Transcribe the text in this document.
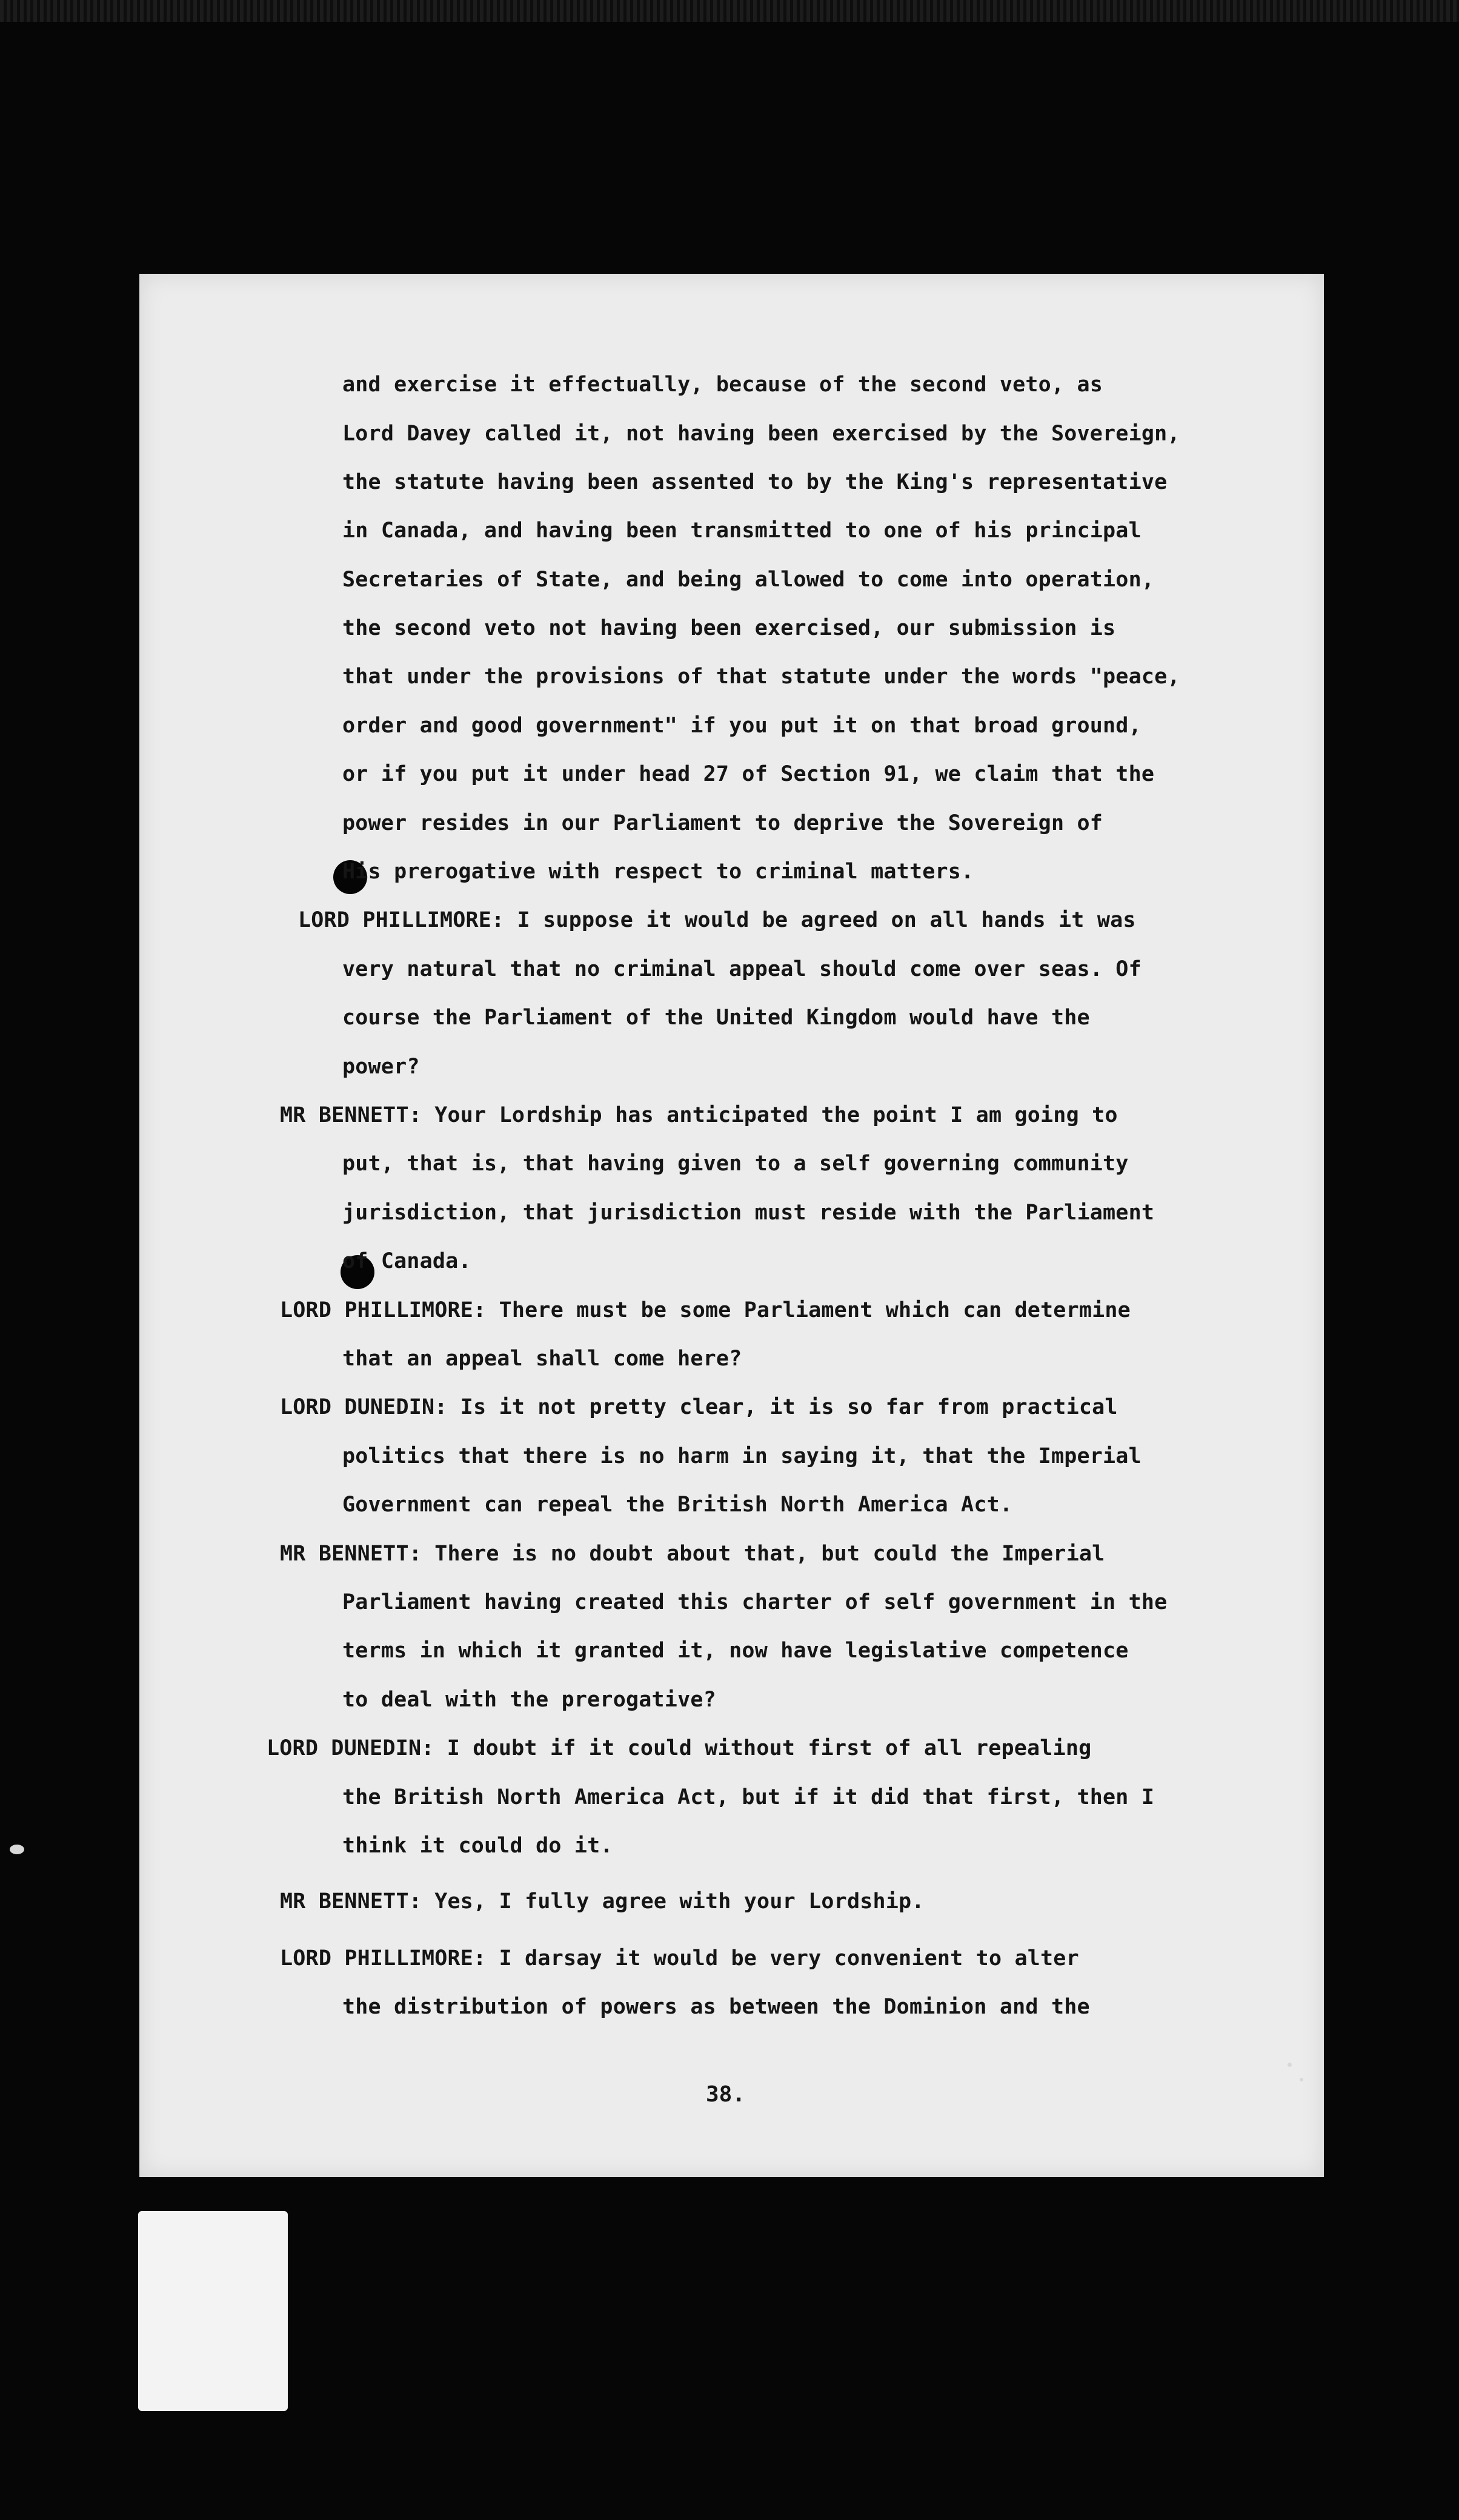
and exercise it effectually, because of the second veto, as

Lord Davey called it, not having been exercised by the Sovereign,

the statute having been assented to by the King's representative

in Canada, and having been transmitted to one of his principal

Secretaries of State, and being allowed to come into operation,

the second veto not having been exercised, our submission is

that under the provisions of that statute under the words "peace,

order and good government" if you put it on that broad ground,

or if you put it under head 27 of Section 91, we claim that the

power resides in our Parliament to deprive the Sovereign of

His prerogative with respect to criminal matters.

LORD PHILLIMORE: I suppose it would be agreed on all hands it was

very natural that no criminal appeal should come over seas. Of

course the Parliament of the United Kingdom would have the

power?

MR BENNETT: Your Lordship has anticipated the point I am going to

put, that is, that having given to a self governing community

jurisdiction, that jurisdiction must reside with the Parliament

of Canada.

LORD PHILLIMORE: There must be some Parliament which can determine

that an appeal shall come here?

LORD DUNEDIN: Is it not pretty clear, it is so far from practical

politics that there is no harm in saying it, that the Imperial

Government can repeal the British North America Act.

MR BENNETT: There is no doubt about that, but could the Imperial

Parliament having created this charter of self government in the

terms in which it granted it, now have legislative competence

to deal with the prerogative?

LORD DUNEDIN: I doubt if it could without first of all repealing

the British North America Act, but if it did that first, then I

think it could do it.

MR BENNETT: Yes, I fully agree with your Lordship.

LORD PHILLIMORE: I darsay it would be very convenient to alter

the distribution of powers as between the Dominion and the

38.
